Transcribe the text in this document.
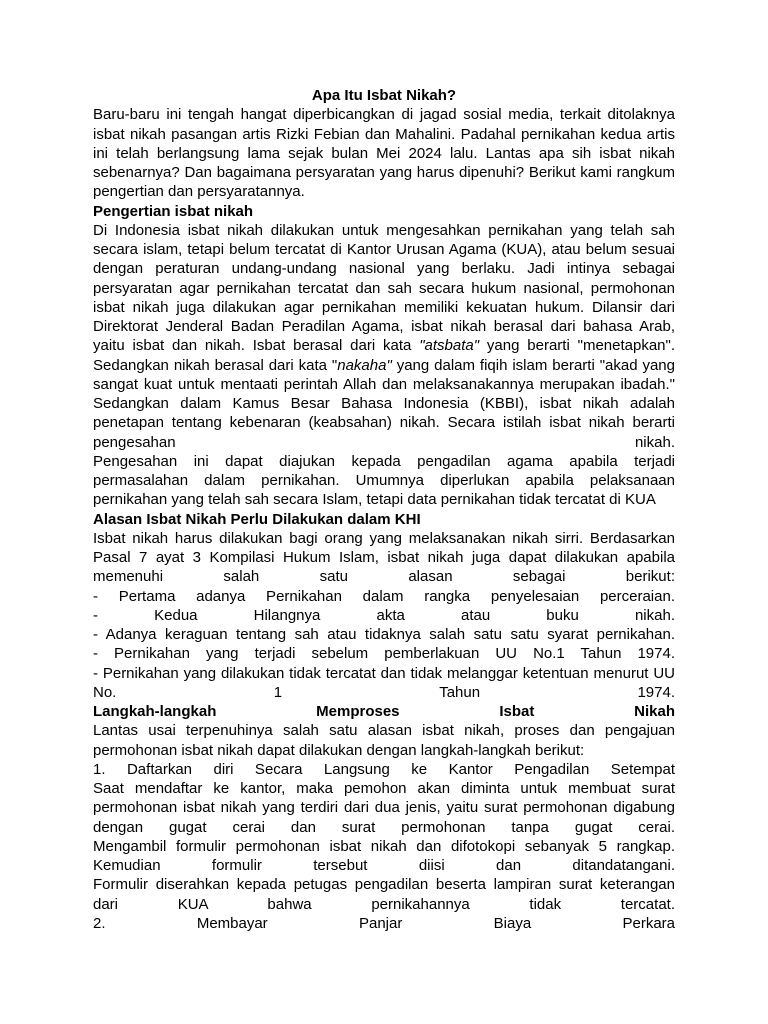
Apa Itu Isbat Nikah?
Baru-baru ini tengah hangat diperbicangkan di jagad sosial media, terkait ditolaknya isbat nikah pasangan artis Rizki Febian dan Mahalini. Padahal pernikahan kedua artis ini telah berlangsung lama sejak bulan Mei 2024 lalu. Lantas apa sih isbat nikah sebenarnya? Dan bagaimana persyaratan yang harus dipenuhi? Berikut kami rangkum pengertian dan persyaratannya.
Pengertian isbat nikah
Di Indonesia isbat nikah dilakukan untuk mengesahkan pernikahan yang telah sah secara islam, tetapi belum tercatat di Kantor Urusan Agama (KUA), atau belum sesuai dengan peraturan undang-undang nasional yang berlaku. Jadi intinya sebagai persyaratan agar pernikahan tercatat dan sah secara hukum nasional, permohonan isbat nikah juga dilakukan agar pernikahan memiliki kekuatan hukum. Dilansir dari Direktorat Jenderal Badan Peradilan Agama, isbat nikah berasal dari bahasa Arab, yaitu isbat dan nikah. Isbat berasal dari kata "atsbata" yang berarti "menetapkan". Sedangkan nikah berasal dari kata "nakaha" yang dalam fiqih islam berarti "akad yang sangat kuat untuk mentaati perintah Allah dan melaksanakannya merupakan ibadah." Sedangkan dalam Kamus Besar Bahasa Indonesia (KBBI), isbat nikah adalah penetapan tentang kebenaran (keabsahan) nikah. Secara istilah isbat nikah berarti pengesahan nikah.
Pengesahan ini dapat diajukan kepada pengadilan agama apabila terjadi permasalahan dalam pernikahan. Umumnya diperlukan apabila pelaksanaan pernikahan yang telah sah secara Islam, tetapi data pernikahan tidak tercatat di KUA
Alasan Isbat Nikah Perlu Dilakukan dalam KHI
Isbat nikah harus dilakukan bagi orang yang melaksanakan nikah sirri. Berdasarkan Pasal 7 ayat 3 Kompilasi Hukum Islam, isbat nikah juga dapat dilakukan apabila memenuhi salah satu alasan sebagai berikut:
- Pertama adanya Pernikahan dalam rangka penyelesaian perceraian.
- Kedua Hilangnya akta atau buku nikah.
- Adanya keraguan tentang sah atau tidaknya salah satu satu syarat pernikahan.
- Pernikahan yang terjadi sebelum pemberlakuan UU No.1 Tahun 1974.
- Pernikahan yang dilakukan tidak tercatat dan tidak melanggar ketentuan menurut UU No. 1 Tahun 1974.
Langkah-langkah Memproses Isbat Nikah
Lantas usai terpenuhinya salah satu alasan isbat nikah, proses dan pengajuan permohonan isbat nikah dapat dilakukan dengan langkah-langkah berikut:
1. Daftarkan diri Secara Langsung ke Kantor Pengadilan Setempat
Saat mendaftar ke kantor, maka pemohon akan diminta untuk membuat surat permohonan isbat nikah yang terdiri dari dua jenis, yaitu surat permohonan digabung dengan gugat cerai dan surat permohonan tanpa gugat cerai.
Mengambil formulir permohonan isbat nikah dan difotokopi sebanyak 5 rangkap. Kemudian formulir tersebut diisi dan ditandatangani.
Formulir diserahkan kepada petugas pengadilan beserta lampiran surat keterangan dari KUA bahwa pernikahannya tidak tercatat.
2. Membayar Panjar Biaya Perkara
